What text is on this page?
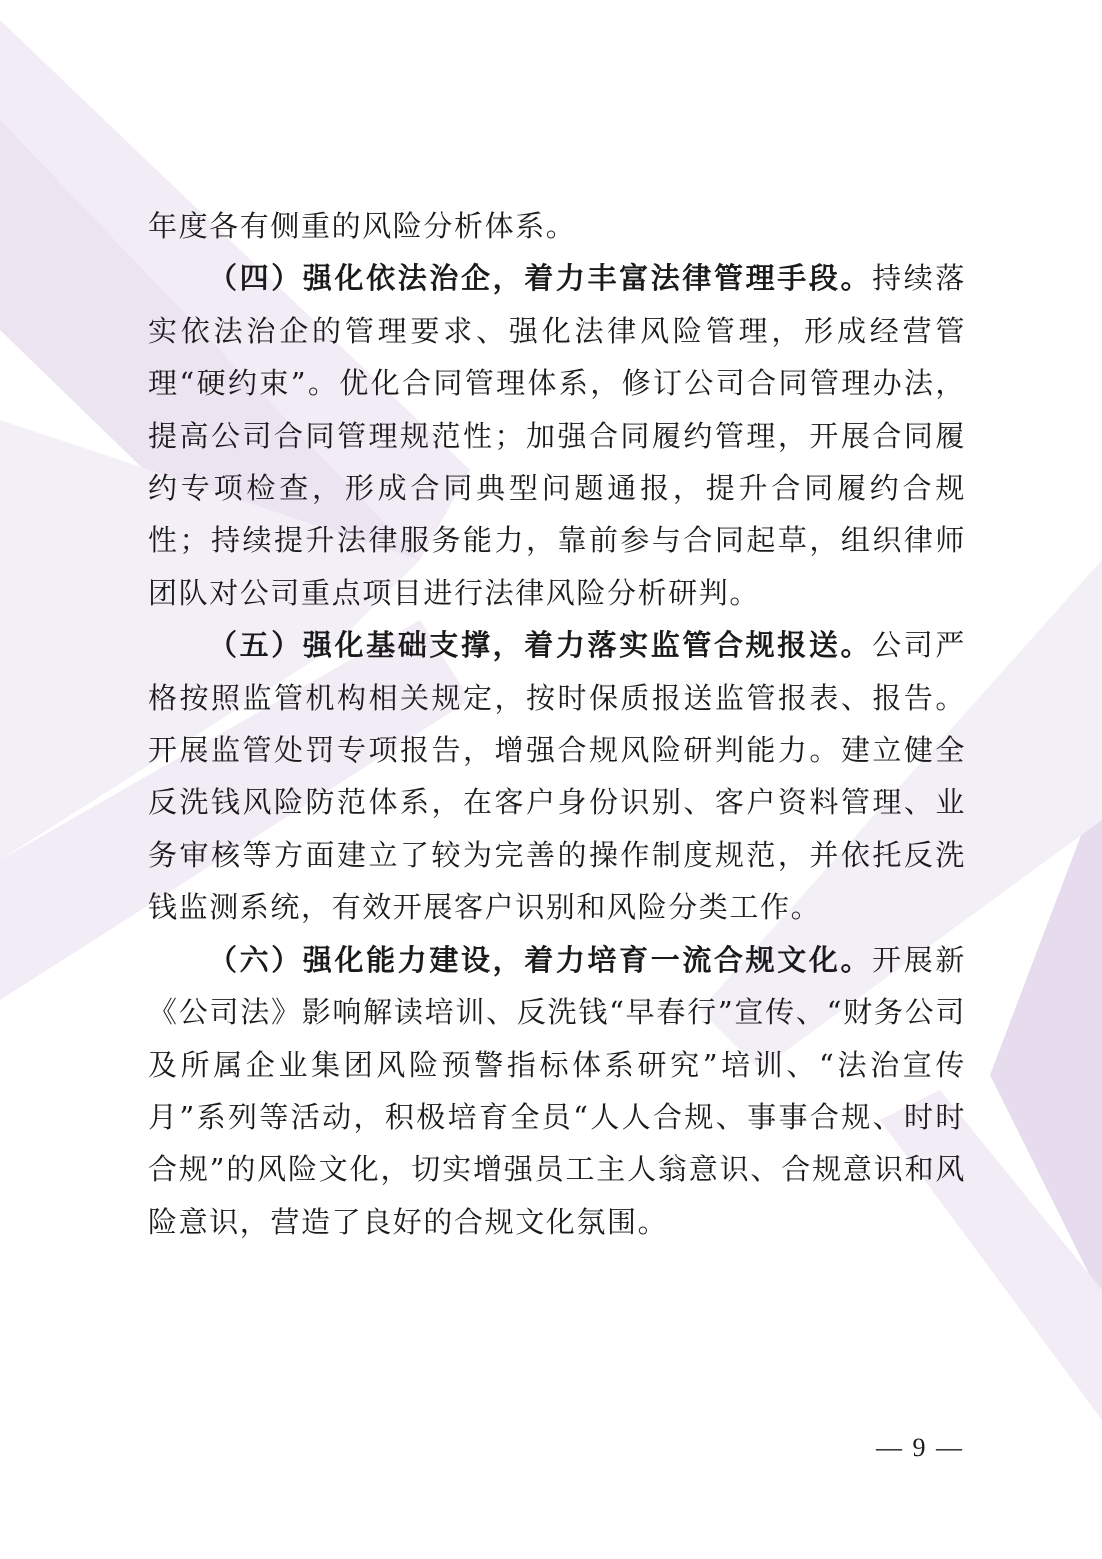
年度各有侧重的风险分析体系。

（四）强化依法治企，着力丰富法律管理手段。持续落实依法治企的管理要求、强化法律风险管理，形成经营管理“硬约束”。优化合同管理体系，修订公司合同管理办法，提高公司合同管理规范性；加强合同履约管理，开展合同履约专项检查，形成合同典型问题通报，提升合同履约合规性；持续提升法律服务能力，靠前参与合同起草，组织律师团队对公司重点项目进行法律风险分析研判。

（五）强化基础支撑，着力落实监管合规报送。公司严格按照监管机构相关规定，按时保质报送监管报表、报告。开展监管处罚专项报告，增强合规风险研判能力。建立健全反洗钱风险防范体系，在客户身份识别、客户资料管理、业务审核等方面建立了较为完善的操作制度规范，并依托反洗钱监测系统，有效开展客户识别和风险分类工作。

（六）强化能力建设，着力培育一流合规文化。开展新《公司法》影响解读培训、反洗钱“早春行”宣传、“财务公司及所属企业集团风险预警指标体系研究”培训、“法治宣传月”系列等活动，积极培育全员“人人合规、事事合规、时时合规”的风险文化，切实增强员工主人翁意识、合规意识和风险意识，营造了良好的合规文化氛围。

— 9 —
